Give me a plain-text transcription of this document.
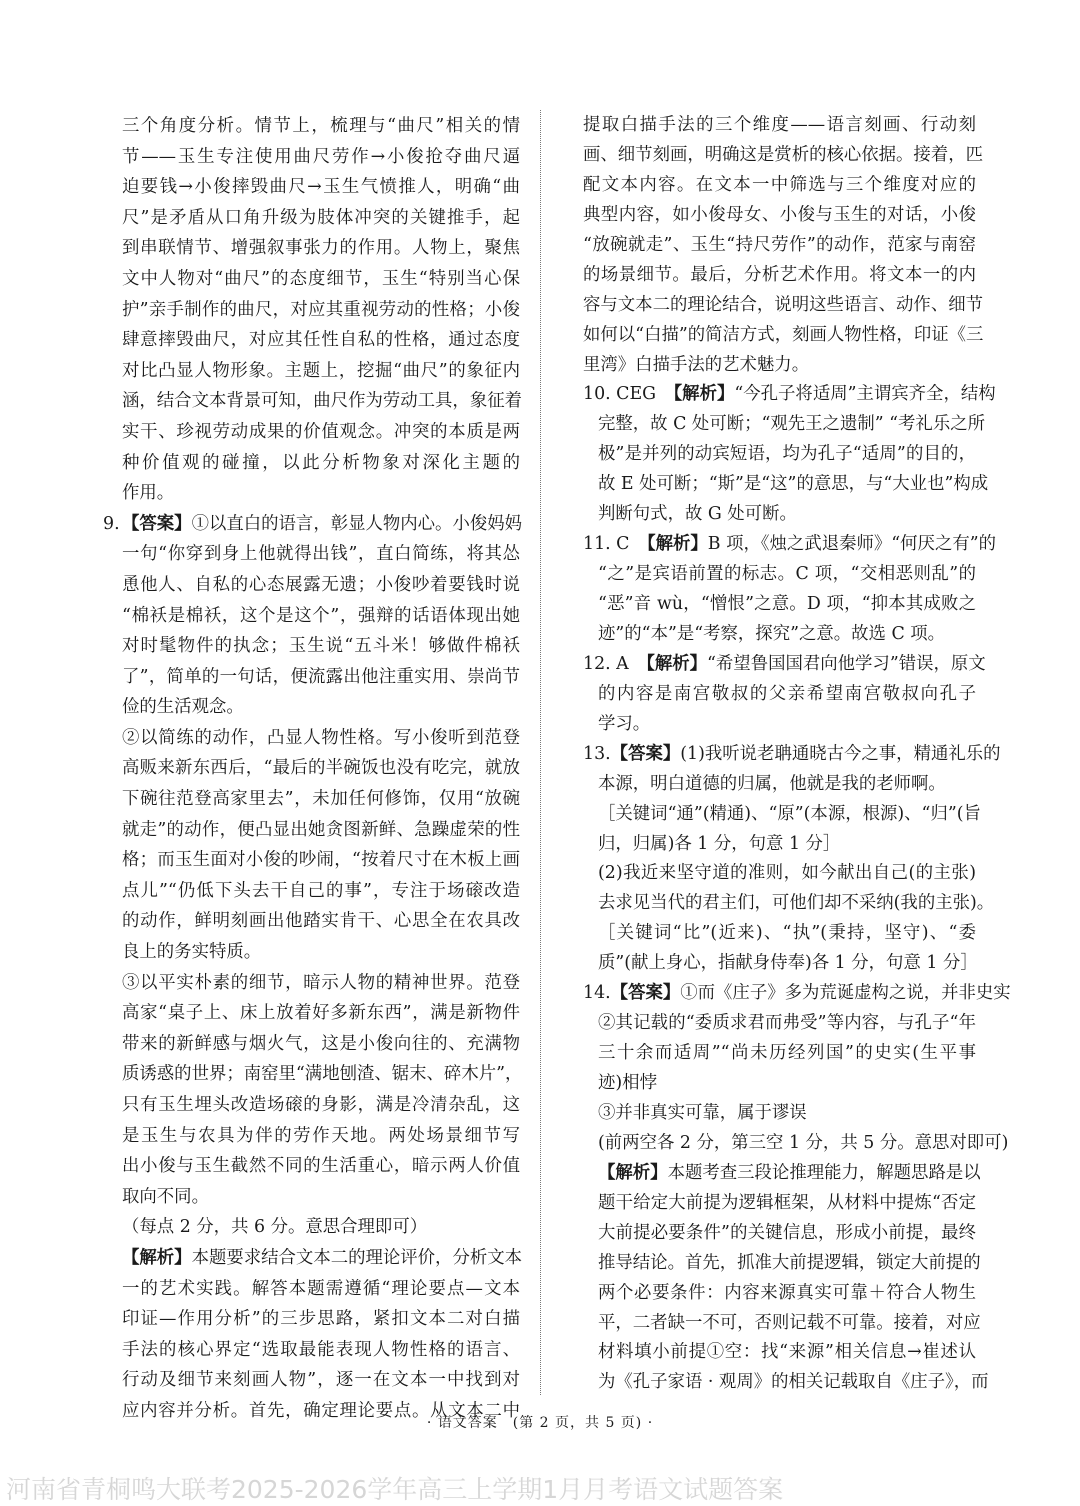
三个角度分析。情节上，梳理与“曲尺”相关的情
节——玉生专注使用曲尺劳作→小俊抢夺曲尺逼
迫要钱→小俊摔毁曲尺→玉生气愤推人，明确“曲
尺”是矛盾从口角升级为肢体冲突的关键推手，起
到串联情节、增强叙事张力的作用。人物上，聚焦
文中人物对“曲尺”的态度细节，玉生“特别当心保
护”亲手制作的曲尺，对应其重视劳动的性格；小俊
肆意摔毁曲尺，对应其任性自私的性格，通过态度
对比凸显人物形象。主题上，挖掘“曲尺”的象征内
涵，结合文本背景可知，曲尺作为劳动工具，象征着
实干、珍视劳动成果的价值观念。冲突的本质是两
种价值观的碰撞，以此分析物象对深化主题的
作用。
9. 【答案】①以直白的语言，彰显人物内心。小俊妈妈
一句“你穿到身上他就得出钱”，直白简练，将其怂
恿他人、自私的心态展露无遗；小俊吵着要钱时说
“棉袄是棉袄，这个是这个”，强辩的话语体现出她
对时髦物件的执念；玉生说“五斗米！够做件棉袄
了”，简单的一句话，便流露出他注重实用、崇尚节
俭的生活观念。
②以简练的动作，凸显人物性格。写小俊听到范登
高贩来新东西后，“最后的半碗饭也没有吃完，就放
下碗往范登高家里去”，未加任何修饰，仅用“放碗
就走”的动作，便凸显出她贪图新鲜、急躁虚荣的性
格；而玉生面对小俊的吵闹，“按着尺寸在木板上画
点儿”“仍低下头去干自己的事”，专注于场磙改造
的动作，鲜明刻画出他踏实肯干、心思全在农具改
良上的务实特质。
③以平实朴素的细节，暗示人物的精神世界。范登
高家“桌子上、床上放着好多新东西”，满是新物件
带来的新鲜感与烟火气，这是小俊向往的、充满物
质诱惑的世界；南窑里“满地刨渣、锯末、碎木片”，
只有玉生埋头改造场磙的身影，满是冷清杂乱，这
是玉生与农具为伴的劳作天地。两处场景细节写
出小俊与玉生截然不同的生活重心，暗示两人价值
取向不同。
（每点 2 分，共 6 分。意思合理即可）
【解析】本题要求结合文本二的理论评价，分析文本
一的艺术实践。解答本题需遵循“理论要点—文本
印证—作用分析”的三步思路，紧扣文本二对白描
手法的核心界定“选取最能表现人物性格的语言、
行动及细节来刻画人物”，逐一在文本一中找到对
应内容并分析。首先，确定理论要点。从文本二中
提取白描手法的三个维度——语言刻画、行动刻
画、细节刻画，明确这是赏析的核心依据。接着，匹
配文本内容。在文本一中筛选与三个维度对应的
典型内容，如小俊母女、小俊与玉生的对话，小俊
“放碗就走”、玉生“持尺劳作”的动作，范家与南窑
的场景细节。最后，分析艺术作用。将文本一的内
容与文本二的理论结合，说明这些语言、动作、细节
如何以“白描”的简洁方式，刻画人物性格，印证《三
里湾》白描手法的艺术魅力。
10. CEG　【解析】“今孔子将适周”主谓宾齐全，结构
完整，故 C 处可断；“观先王之遗制” “考礼乐之所
极”是并列的动宾短语，均为孔子“适周”的目的，
故 E 处可断；“斯”是“这”的意思，与“大业也”构成
判断句式，故 G 处可断。
11. C　【解析】B 项，《烛之武退秦师》“何厌之有”的
“之”是宾语前置的标志。C 项，“交相恶则乱”的
“恶”音 wù，“憎恨”之意。D 项，“抑本其成败之
迹”的“本”是“考察，探究”之意。故选 C 项。
12. A　【解析】“希望鲁国国君向他学习”错误，原文
的内容是南宫敬叔的父亲希望南宫敬叔向孔子
学习。
13.【答案】(1)我听说老聃通晓古今之事，精通礼乐的
本源，明白道德的归属，他就是我的老师啊。
［关键词“通”(精通)、“原”(本源，根源)、“归”(旨
归，归属)各 1 分，句意 1 分］
(2)我近来坚守道的准则，如今献出自己(的主张)
去求见当代的君主们，可他们却不采纳(我的主张)。
［关键词“比”(近来)、“执”(秉持，坚守)、“委
质”(献上身心，指献身侍奉)各 1 分，句意 1 分］
14.【答案】①而《庄子》多为荒诞虚构之说，并非史实
②其记载的“委质求君而弗受”等内容，与孔子“年
三十余而适周”“尚未历经列国”的史实(生平事
迹)相悖
③并非真实可靠，属于谬误
(前两空各 2 分，第三空 1 分，共 5 分。意思对即可)
【解析】本题考查三段论推理能力，解题思路是以
题干给定大前提为逻辑框架，从材料中提炼“否定
大前提必要条件”的关键信息，形成小前提，最终
推导结论。首先，抓准大前提逻辑，锁定大前提的
两个必要条件：内容来源真实可靠＋符合人物生
平，二者缺一不可，否则记载不可靠。接着，对应
材料填小前提①空：找“来源”相关信息→崔述认
为《孔子家语 · 观周》的相关记载取自《庄子》，而
· 语文答案　(第 2 页，共 5 页) ·
河南省青桐鸣大联考2025-2026学年高三上学期1月月考语文试题答案
